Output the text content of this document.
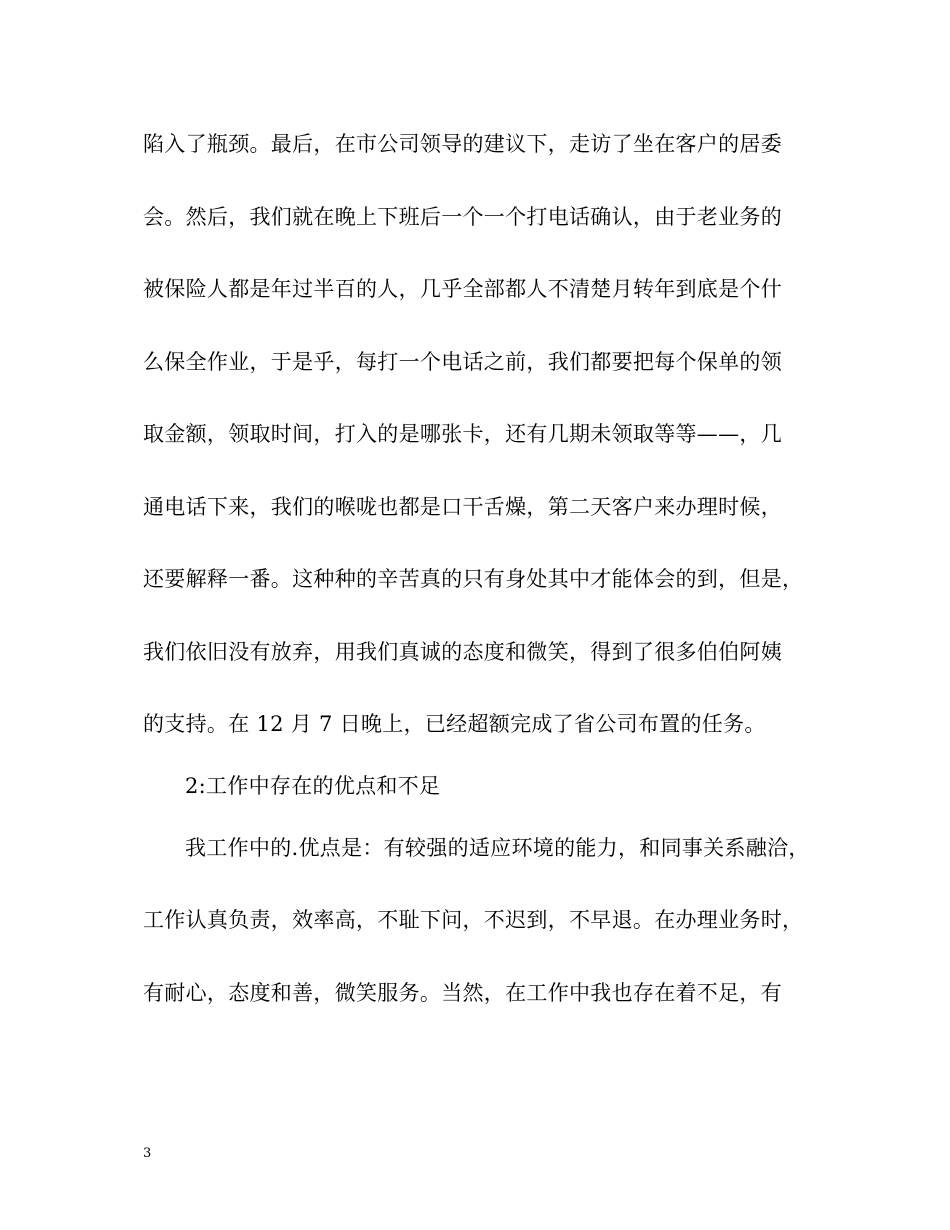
陷入了瓶颈。最后，在市公司领导的建议下，走访了坐在客户的居委
会。然后，我们就在晚上下班后一个一个打电话确认，由于老业务的
被保险人都是年过半百的人，几乎全部都人不清楚月转年到底是个什
么保全作业，于是乎，每打一个电话之前，我们都要把每个保单的领
取金额，领取时间，打入的是哪张卡，还有几期未领取等等——，几
通电话下来，我们的喉咙也都是口干舌燥，第二天客户来办理时候，
还要解释一番。这种种的辛苦真的只有身处其中才能体会的到，但是，
我们依旧没有放弃，用我们真诚的态度和微笑，得到了很多伯伯阿姨
的支持。在 12 月 7 日晚上，已经超额完成了省公司布置的任务。
2:工作中存在的优点和不足
我工作中的.优点是：有较强的适应环境的能力，和同事关系融洽，
工作认真负责，效率高，不耻下问，不迟到，不早退。在办理业务时，
有耐心，态度和善，微笑服务。当然，在工作中我也存在着不足，有
3
